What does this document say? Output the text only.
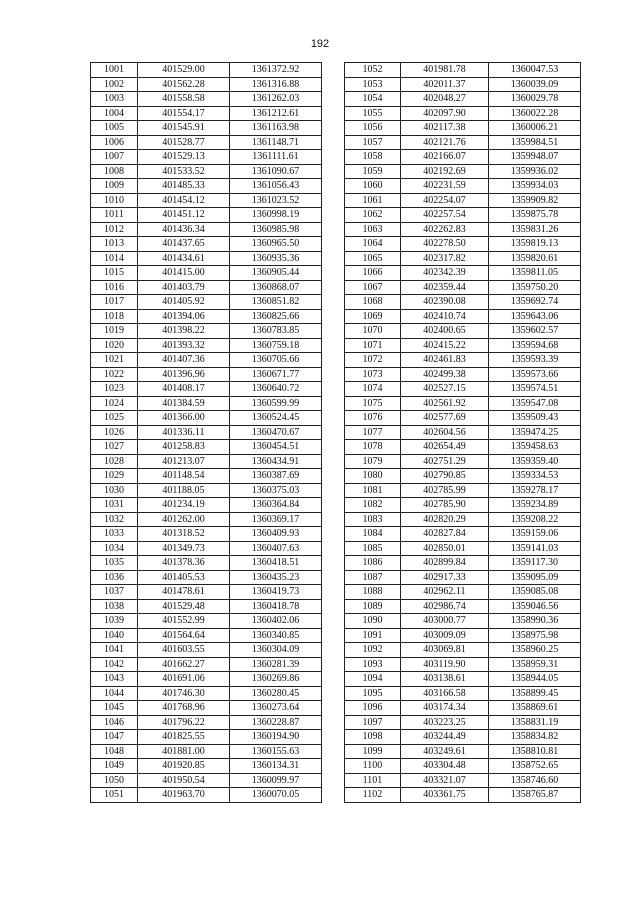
192
1001	401529.00	1361372.92
1002	401562.28	1361316.88
1003	401558.58	1361262.03
1004	401554.17	1361212.61
1005	401545.91	1361163.98
1006	401528.77	1361148.71
1007	401529.13	1361111.61
1008	401533.52	1361090.67
1009	401485.33	1361056.43
1010	401454.12	1361023.52
1011	401451.12	1360998.19
1012	401436.34	1360985.98
1013	401437.65	1360965.50
1014	401434.61	1360935.36
1015	401415.00	1360905.44
1016	401403.79	1360868.07
1017	401405.92	1360851.82
1018	401394.06	1360825.66
1019	401398.22	1360783.85
1020	401393.32	1360759.18
1021	401407.36	1360705.66
1022	401396.96	1360671.77
1023	401408.17	1360640.72
1024	401384.59	1360599.99
1025	401366.00	1360524.45
1026	401336.11	1360470.67
1027	401258.83	1360454.51
1028	401213.07	1360434.91
1029	401148.54	1360387.69
1030	401188.05	1360375.03
1031	401234.19	1360364.84
1032	401262.00	1360369.17
1033	401318.52	1360409.93
1034	401349.73	1360407.63
1035	401378.36	1360418.51
1036	401405.53	1360435.23
1037	401478.61	1360419.73
1038	401529.48	1360418.78
1039	401552.99	1360402.06
1040	401564.64	1360340.85
1041	401603.55	1360304.09
1042	401662.27	1360281.39
1043	401691.06	1360269.86
1044	401746.30	1360280.45
1045	401768.96	1360273.64
1046	401796.22	1360228.87
1047	401825.55	1360194.90
1048	401881.00	1360155.63
1049	401920.85	1360134.31
1050	401950.54	1360099.97
1051	401963.70	1360070.05
1052	401981.78	1360047.53
1053	402011.37	1360039.09
1054	402048.27	1360029.78
1055	402097.90	1360022.28
1056	402117.38	1360006.21
1057	402121.76	1359984.51
1058	402166.07	1359948.07
1059	402192.69	1359936.02
1060	402231.59	1359934.03
1061	402254.07	1359909.82
1062	402257.54	1359875.78
1063	402262.83	1359831.26
1064	402278.50	1359819.13
1065	402317.82	1359820.61
1066	402342.39	1359811.05
1067	402359.44	1359750.20
1068	402390.08	1359692.74
1069	402410.74	1359643.06
1070	402400.65	1359602.57
1071	402415.22	1359594.68
1072	402461.83	1359593.39
1073	402499.38	1359573.66
1074	402527.15	1359574.51
1075	402561.92	1359547.08
1076	402577.69	1359509.43
1077	402604.56	1359474.25
1078	402654.49	1359458.63
1079	402751.29	1359359.40
1080	402790.85	1359334.53
1081	402785.99	1359278.17
1082	402785.90	1359234.89
1083	402820.29	1359208.22
1084	402827.84	1359159.06
1085	402850.01	1359141.03
1086	402899.84	1359117.30
1087	402917.33	1359095.09
1088	402962.11	1359085.08
1089	402986.74	1359046.56
1090	403000.77	1358990.36
1091	403009.09	1358975.98
1092	403069.81	1358960.25
1093	403119.90	1358959.31
1094	403138.61	1358944.05
1095	403166.58	1358899.45
1096	403174.34	1358869.61
1097	403223.25	1358831.19
1098	403244.49	1358834.82
1099	403249.61	1358810.81
1100	403304.48	1358752.65
1101	403321.07	1358746.60
1102	403361.75	1358765.87
